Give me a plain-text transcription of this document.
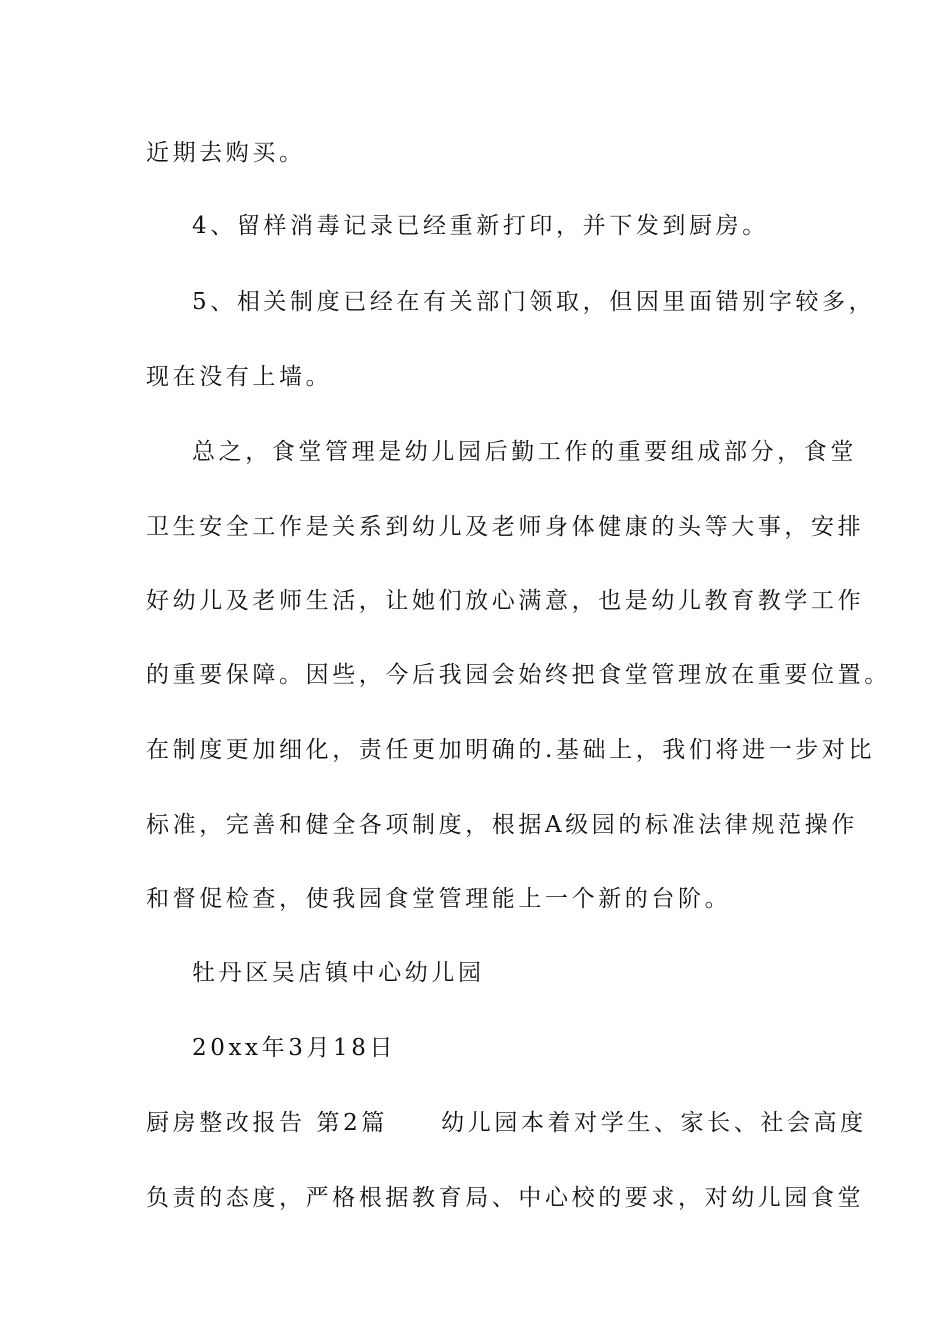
近期去购买。
4、留样消毒记录已经重新打印，并下发到厨房。
5、相关制度已经在有关部门领取，但因里面错别字较多，
现在没有上墙。
总之，食堂管理是幼儿园后勤工作的重要组成部分，食堂
卫生安全工作是关系到幼儿及老师身体健康的头等大事，安排
好幼儿及老师生活，让她们放心满意，也是幼儿教育教学工作
的重要保障。因些，今后我园会始终把食堂管理放在重要位置。
在制度更加细化，责任更加明确的.基础上，我们将进一步对比
标准，完善和健全各项制度，根据A级园的标准法律规范操作
和督促检查，使我园食堂管理能上一个新的台阶。
牡丹区吴店镇中心幼儿园
20xx年3月18日
厨房整改报告 第2篇　　幼儿园本着对学生、家长、社会高度
负责的态度，严格根据教育局、中心校的要求，对幼儿园食堂
